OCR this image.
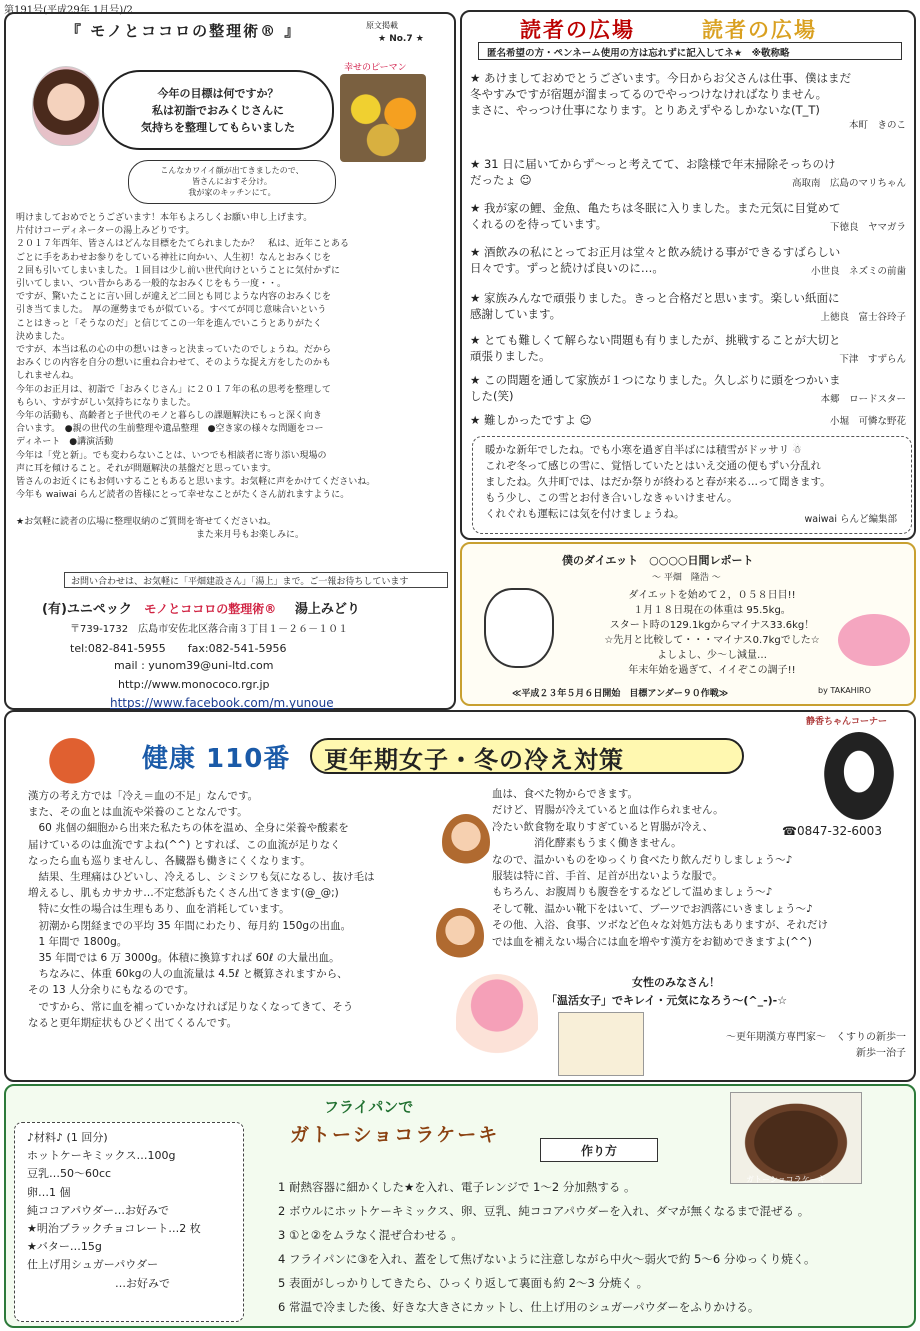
第191号(平成29年 1月号)/2
『 モノとココロの整理術® 』	原文掲載
★ No.7 ★
今年の目標は何ですか？
私は初詣でおみくじさんに
気持ちを整理してもらいました
幸せのピーマン
こんなカワイイ顔が出てきましたので、
皆さんにおすそ分け。
我が家のキッチンにて。
明けましておめでとうございます！本年もよろしくお願い申し上げます。
片付けコーディネーターの湯上みどりです。
２０１７年西年、皆さんはどんな目標をたてられましたか？　私は、近年ことある
ごとに手をあわせお参りをしている神社に向かい、人生初！なんとおみくじを
２回も引いてしまいました。１回目は少し前い世代向けということに気付かずに
引いてしまい、つい昔からある一般的なおみくじをもう一度・・。
ですが、驚いたことに言い回しが違えど二回とも同じような内容のおみくじを
引き当てました。　厚の運勢までもが似ている。すべてが同じ意味合いという
ことはきっと「そうなのだ」と信じてこの一年を進んでいこうとありがたく
決めました。
ですが、本当は私の心の中の想いはきっと決まっていたのでしょうね。だから
おみくじの内容を自分の想いに重ね合わせて、そのような捉え方をしたのかも
しれませんね。
今年のお正月は、初詣で「おみくじさん」に２０１７年の私の思考を整理して
もらい、すがすがしい気持ちになりました。
今年の活動も、高齢者と子世代のモノと暮らしの課題解決にもっと深く向き
合います。　●親の世代の生前整理や遺品整理　●空き家の様々な問題をコー
ディネート　●講演活動
今年は「党と新」。でも変わらないことは、いつでも相談者に寄り添い現場の
声に耳を傾けること。それが問題解決の基盤だと思っています。
皆さんのお近くにもお伺いすることもあると思います。お気軽に声をかけてくださいね。
今年も waiwai らんど読者の皆様にとって幸せなことがたくさん訪れますように。

★お気軽に読者の広場に整理収納のご質問を寄せてくださいね。
　　　　　　　　　　　　　　　　　　　　また来月号もお楽しみに。
お問い合わせは、お気軽に「平畑建設さん」「湯上」まで。ご一報お待ちしています
(有)ユニペック モノとココロの整理術® 湯上みどり
〒739-1732　広島市安佐北区落合南３丁目１－２６－１０１
tel:082-841-5955　　fax:082-541-5956
mail : yunom39@uni-ltd.com
http://www.monococo.rgr.jp
https://www.facebook.com/m.yunoue
読者の広場	読者の広場
匿名希望の方・ペンネーム使用の方は忘れずに記入してネ★　※敬称略
★ あけましておめでとうございます。今日からお父さんは仕事、僕はまだ
冬やすみですが宿題が溜まってるのでやっつけなければなりません。
まさに、やっつけ仕事になります。とりあえずやるしかないな(T_T)
本町　きのこ
★ 31 日に届いてからず～っと考えてて、お陰様で年末掃除そっちのけ
だったょ ☺	高取南　広島のマリちゃん
★ 我が家の鯉、金魚、亀たちは冬眠に入りました。また元気に目覚めて
くれるのを待っています。	下徳良　ヤマガラ
★ 酒飲みの私にとってお正月は堂々と飲み続ける事ができるすばらしい
日々です。ずっと続けば良いのに…。	小世良　ネズミの前歯
★ 家族みんなで頑張りました。きっと合格だと思います。楽しい紙面に
感謝しています。	上徳良　富士谷玲子
★ とても難しくて解らない問題も有りましたが、挑戦することが大切と
頑張りました。	下津　すずらん
★ この問題を通して家族が１つになりました。久しぶりに頭をつかいま
した(笑)	本郷　ロードスター
★ 難しかったですよ ☺	小堀　可憐な野花
暖かな新年でしたね。でも小寒を過ぎ自半ばには積雪がドッサリ ☃
これぞ冬って感じの雪に、覚悟していたとはいえ交通の便もずい分乱れ
ましたね。久井町では、はだか祭りが終わると春が来る…って聞きます。
もう少し、この雪とお付き合いしなきゃいけません。
くれぐれも運転には気を付けましょうね。	waiwai らんど編集部
僕のダイエット　○○○○日間レポート
～ 平畑　隆浩 ～
ダイエットを始めて２，０５８日目!!
１月１８日現在の体重は 95.5kg。
スタート時の129.1kgからマイナス33.6kg！
☆先月と比較して・・・マイナス0.7kgでした☆
よしよし、少～し減量…
年末年始を過ぎて、イイぞこの調子!!
≪平成２３年５月６日開始　目標アンダー９０作戦≫	by TAKAHIRO
健康 110番	更年期女子・冬の冷え対策
静香ちゃんコーナー
☎0847-32-6003
漢方の考え方では「冷え＝血の不足」なんです。
また、その血とは血流や栄養のことなんです。
　60 兆個の細胞から出来た私たちの体を温め、全身に栄養や酸素を
届けているのは血流ですよね(^^) とすれば、この血流が足りなく
なったら血も巡りませんし、各臓器も働きにくくなります。
　結果、生理痛はひどいし、冷えるし、シミシワも気になるし、抜け毛は
増えるし、肌もカサカサ…不定愁訴もたくさん出てきます(@_@;)
　特に女性の場合は生理もあり、血を消耗しています。
　初潮から閉経までの平均 35 年間にわたり、毎月約 150gの出血。
　1 年間で 1800g。
　35 年間では 6 万 3000g。体積に換算すれば 60ℓ の大量出血。
　ちなみに、体重 60kgの人の血流量は 4.5ℓ と概算されますから、
その 13 人分余りにもなるのです。
　ですから、常に血を補っていかなければ足りなくなってきて、そう
なると更年期症状もひどく出てくるんです。
血は、食べた物からできます。
だけど、胃腸が冷えていると血は作られません。
冷たい飲食物を取りすぎていると胃腸が冷え、
　　　　消化酵素もうまく働きません。
なので、温かいものをゆっくり食べたり飲んだりしましょう～♪
服装は特に首、手首、足首が出ないような服で。
もちろん、お腹周りも腹巻をするなどして温めましょう～♪
そして靴、温かい靴下をはいて、ブーツでお洒落にいきましょう～♪
その他、入浴、食事、ツボなど色々な対処方法もありますが、それだけ
では血を補えない場合には血を増やす漢方をお勧めできますよ(^^)
女性のみなさん！
「温活女子」でキレイ・元気になろう～(^_-)-☆
～更年期漢方専門家～　くすりの新歩一
新歩一治子
フライパンで
ガトーショコラケーキ
♪材料♪ (1 回分)
ホットケーキミックス…100g
豆乳…50～60cc
卵…1 個
純ココアパウダー…お好みで
★明治ブラックチョコレート…2 枚
★バター…15g
仕上げ用シュガーパウダー
　　　　　　　　…お好みで
作り方
ガトーショコラケーキ
1 耐熱容器に細かくした★を入れ、電子レンジで 1～2 分加熱する 。
2 ボウルにホットケーキミックス、卵、豆乳、純ココアパウダーを入れ、ダマが無くなるまで混ぜる 。
3 ①と②をムラなく混ぜ合わせる 。
4 フライパンに③を入れ、蓋をして焦げないように注意しながら中火～弱火で約 5～6 分ゆっくり焼く。
5 表面がしっかりしてきたら、ひっくり返して裏面も約 2～3 分焼く 。
6 常温で冷ました後、好きな大きさにカットし、仕上げ用のシュガーパウダーをふりかける。
